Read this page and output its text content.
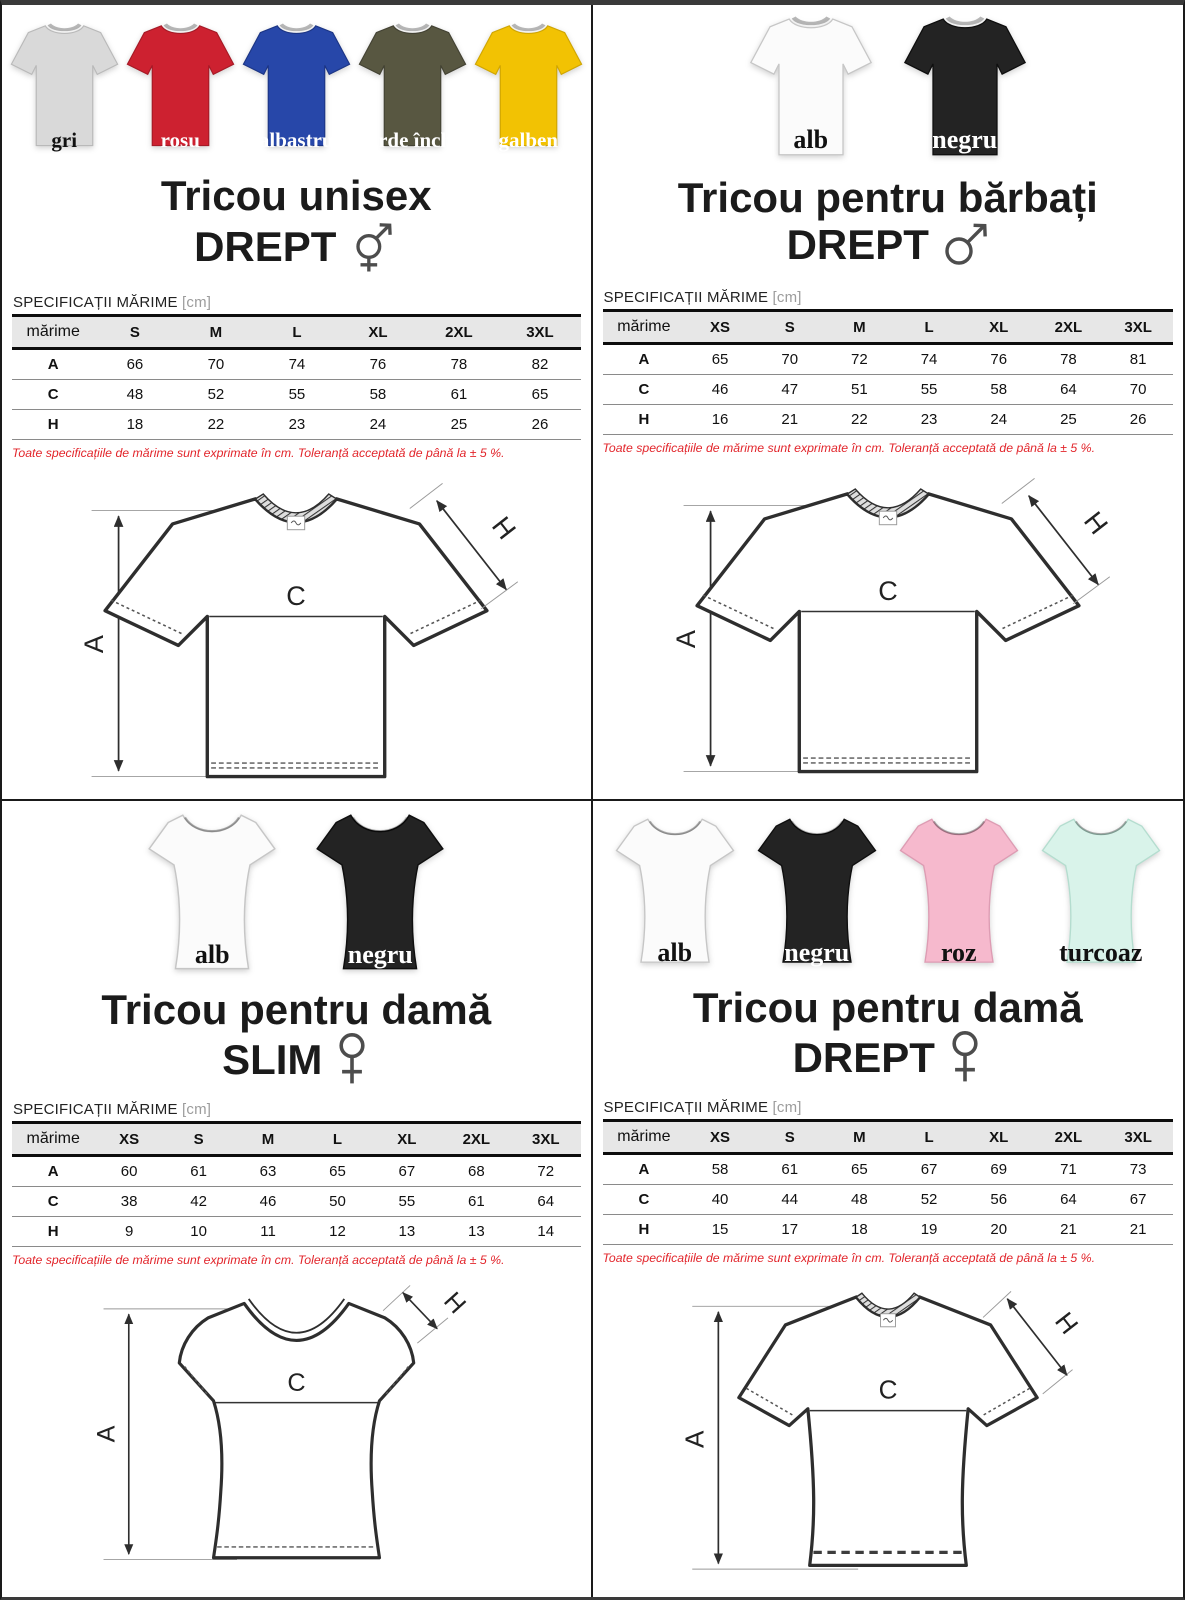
gri	rosu	albastru	verde închis	galben
Tricou unisex
DREPT
SPECIFICAȚII MĂRIME [cm]
mărime	S	M	L	XL	2XL	3XL
A	66	70	74	76	78	82
C	48	52	55	58	61	65
H	18	22	23	24	25	26
Toate specificațiile de mărime sunt exprimate în cm. Toleranță acceptată de până la ± 5 %.
A
C
H
alb	negru
Tricou pentru bărbați
DREPT
SPECIFICAȚII MĂRIME [cm]
mărime	XS	S	M	L	XL	2XL	3XL
A	65	70	72	74	76	78	81
C	46	47	51	55	58	64	70
H	16	21	22	23	24	25	26
Toate specificațiile de mărime sunt exprimate în cm. Toleranță acceptată de până la ± 5 %.
A
C
H
alb	negru
Tricou pentru damă
SLIM
SPECIFICAȚII MĂRIME [cm]
mărime	XS	S	M	L	XL	2XL	3XL
A	60	61	63	65	67	68	72
C	38	42	46	50	55	61	64
H	9	10	11	12	13	13	14
Toate specificațiile de mărime sunt exprimate în cm. Toleranță acceptată de până la ± 5 %.
A
C
H
alb	negru	roz	turcoaz
Tricou pentru damă
DREPT
SPECIFICAȚII MĂRIME [cm]
mărime	XS	S	M	L	XL	2XL	3XL
A	58	61	65	67	69	71	73
C	40	44	48	52	56	64	67
H	15	17	18	19	20	21	21
Toate specificațiile de mărime sunt exprimate în cm. Toleranță acceptată de până la ± 5 %.
A
C
H
